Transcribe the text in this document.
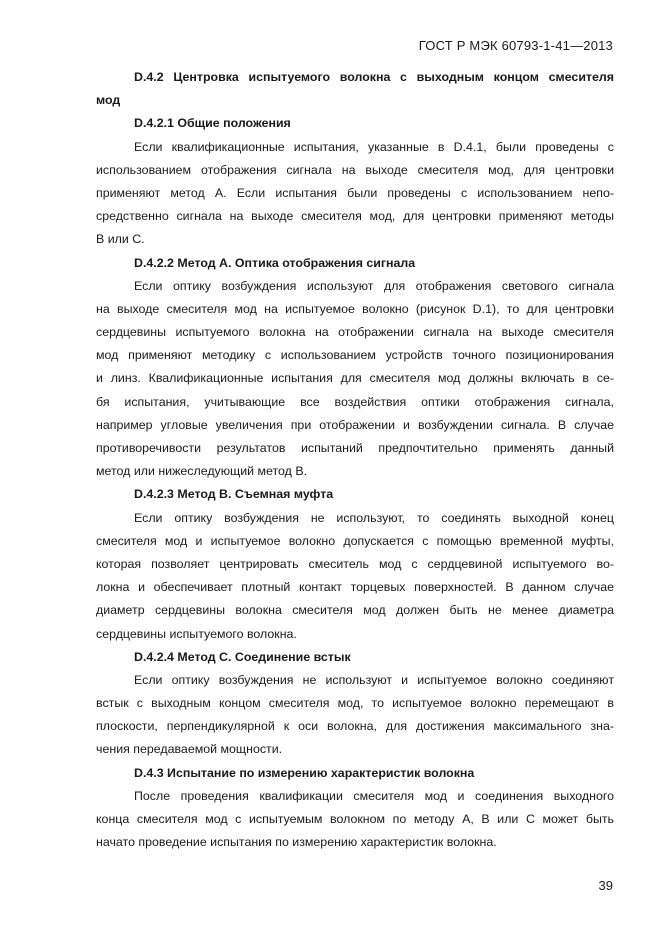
ГОСТ Р МЭК 60793-1-41—2013
D.4.2 Центровка испытуемого волокна с выходным концом смесителя
мод
D.4.2.1 Общие положения
Если квалификационные испытания, указанные в D.4.1, были проведены с
использованием отображения сигнала на выходе смесителя мод, для центровки
применяют метод А. Если испытания были проведены с использованием непо-
средственно сигнала на выходе смесителя мод, для центровки применяют методы
В или С.
D.4.2.2 Метод А. Оптика отображения сигнала
Если оптику возбуждения используют для отображения светового сигнала
на выходе смесителя мод на испытуемое волокно (рисунок D.1), то для центровки
сердцевины испытуемого волокна на отображении сигнала на выходе смесителя
мод применяют методику с использованием устройств точного позиционирования
и линз. Квалификационные испытания для смесителя мод должны включать в се-
бя испытания, учитывающие все воздействия оптики отображения сигнала,
например угловые увеличения при отображении и возбуждении сигнала. В случае
противоречивости результатов испытаний предпочтительно применять данный
метод или нижеследующий метод В.
D.4.2.3 Метод В. Съемная муфта
Если оптику возбуждения не используют, то соединять выходной конец
смесителя мод и испытуемое волокно допускается с помощью временной муфты,
которая позволяет центрировать смеситель мод с сердцевиной испытуемого во-
локна и обеспечивает плотный контакт торцевых поверхностей. В данном случае
диаметр сердцевины волокна смесителя мод должен быть не менее диаметра
сердцевины испытуемого волокна.
D.4.2.4 Метод С. Соединение встык
Если оптику возбуждения не используют и испытуемое волокно соединяют
встык с выходным концом смесителя мод, то испытуемое волокно перемещают в
плоскости, перпендикулярной к оси волокна, для достижения максимального зна-
чения передаваемой мощности.
D.4.3 Испытание по измерению характеристик волокна
После проведения квалификации смесителя мод и соединения выходного
конца смесителя мод с испытуемым волокном по методу А, В или С может быть
начато проведение испытания по измерению характеристик волокна.
39
